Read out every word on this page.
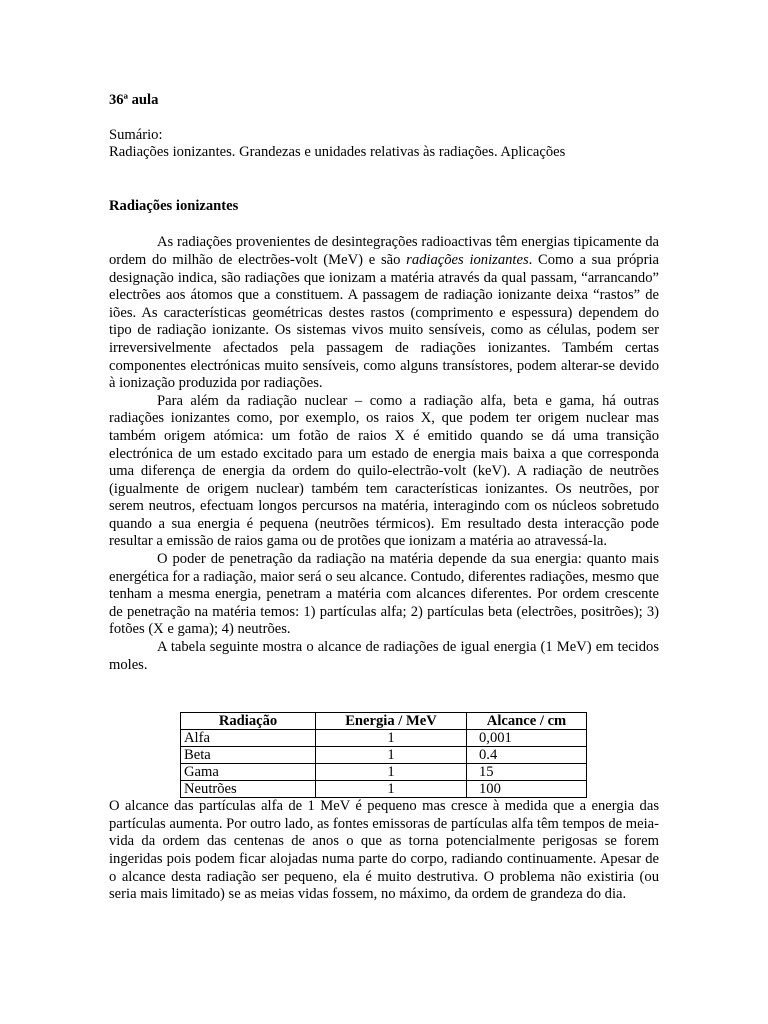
36ª aula

Sumário:

Radiações ionizantes. Grandezas e unidades relativas às radiações. Aplicações

Radiações ionizantes

As radiações provenientes de desintegrações radioactivas têm energias tipicamente da ordem do milhão de electrões-volt (MeV) e são radiações ionizantes. Como a sua própria designação indica, são radiações que ionizam a matéria através da qual passam, “arrancando” electrões aos átomos que a constituem. A passagem de radiação ionizante deixa “rastos” de iões. As características geométricas destes rastos (comprimento e espessura) dependem do tipo de radiação ionizante. Os sistemas vivos muito sensíveis, como as células, podem ser irreversivelmente afectados pela passagem de radiações ionizantes. Também certas componentes electrónicas muito sensíveis, como alguns transístores, podem alterar-se devido à ionização produzida por radiações.

Para além da radiação nuclear – como a radiação alfa, beta e gama, há outras radiações ionizantes como, por exemplo, os raios X, que podem ter origem nuclear mas também origem atómica: um fotão de raios X é emitido quando se dá uma transição electrónica de um estado excitado para um estado de energia mais baixa a que corresponda uma diferença de energia da ordem do quilo-electrão-volt (keV). A radiação de neutrões (igualmente de origem nuclear) também tem características ionizantes. Os neutrões, por serem neutros, efectuam longos percursos na matéria, interagindo com os núcleos sobretudo quando a sua energia é pequena (neutrões térmicos). Em resultado desta interacção pode resultar a emissão de raios gama ou de protões que ionizam a matéria ao atravessá-la.

O poder de penetração da radiação na matéria depende da sua energia: quanto mais energética for a radiação, maior será o seu alcance. Contudo, diferentes radiações, mesmo que tenham a mesma energia, penetram a matéria com alcances diferentes. Por ordem crescente de penetração na matéria temos: 1) partículas alfa; 2) partículas beta (electrões, positrões); 3) fotões (X e gama); 4) neutrões.

A tabela seguinte mostra o alcance de radiações de igual energia (1 MeV) em tecidos moles.

Radiação	Energia / MeV	Alcance / cm
Alfa	1	0,001
Beta	1	0.4
Gama	1	15
Neutrões	1	100

O alcance das partículas alfa de 1 MeV é pequeno mas cresce à medida que a energia das partículas aumenta. Por outro lado, as fontes emissoras de partículas alfa têm tempos de meia-vida da ordem das centenas de anos o que as torna potencialmente perigosas se forem ingeridas pois podem ficar alojadas numa parte do corpo, radiando continuamente. Apesar de o alcance desta radiação ser pequeno, ela é muito destrutiva. O problema não existiria (ou seria mais limitado) se as meias vidas fossem, no máximo, da ordem de grandeza do dia.
